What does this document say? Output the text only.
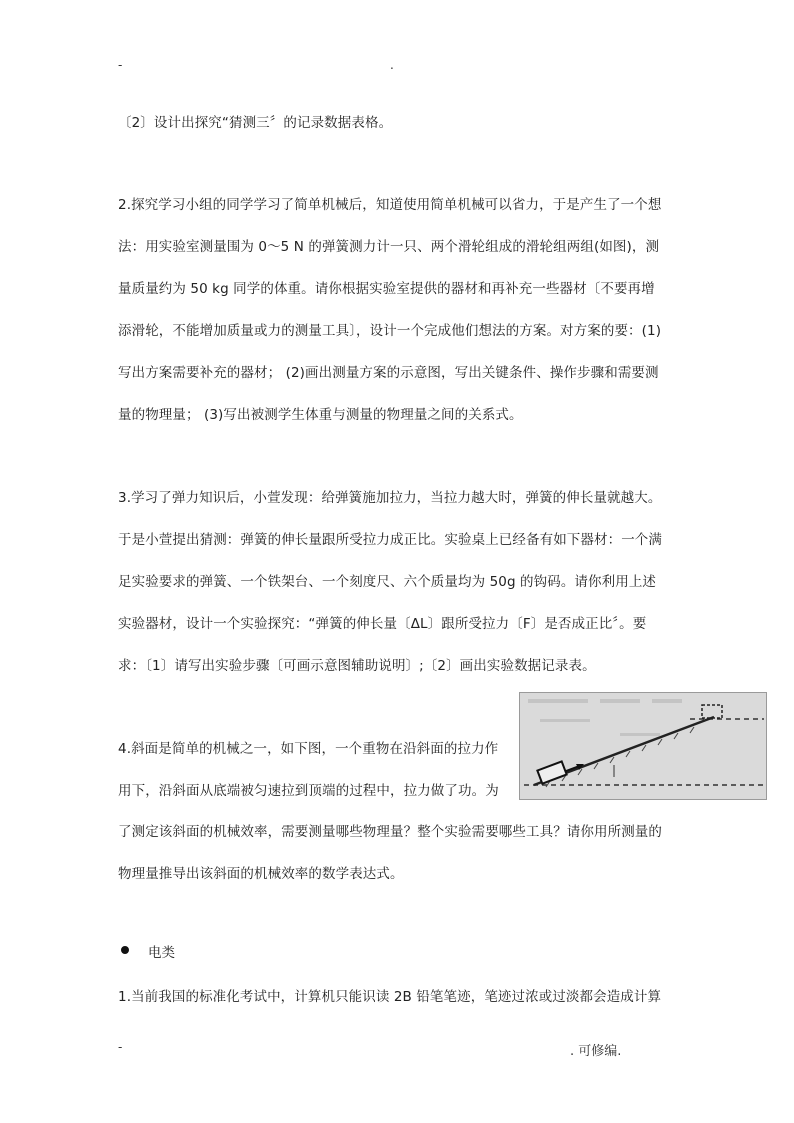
-	.
〔2〕设计出探究“猜测三〞的记录数据表格。
2.探究学习小组的同学学习了简单机械后，知道使用简单机械可以省力，于是产生了一个想
法：用实验室测量围为 0～5 N 的弹簧测力计一只、两个滑轮组成的滑轮组两组(如图)，测
量质量约为 50 kg 同学的体重。请你根据实验室提供的器材和再补充一些器材〔不要再增
添滑轮，不能增加质量或力的测量工具〕，设计一个完成他们想法的方案。对方案的要：(1)
写出方案需要补充的器材； (2)画出测量方案的示意图，写出关键条件、操作步骤和需要测
量的物理量； (3)写出被测学生体重与测量的物理量之间的关系式。
3.学习了弹力知识后，小萱发现：给弹簧施加拉力，当拉力越大时，弹簧的伸长量就越大。
于是小萱提出猜测：弹簧的伸长量跟所受拉力成正比。实验桌上已经备有如下器材：一个满
足实验要求的弹簧、一个铁架台、一个刻度尺、六个质量均为 50g 的钩码。请你利用上述
实验器材，设计一个实验探究：“弹簧的伸长量〔ΔL〕跟所受拉力〔F〕是否成正比〞。要
求：〔1〕请写出实验步骤〔可画示意图辅助说明〕;〔2〕画出实验数据记录表。
4.斜面是简单的机械之一，如下图，一个重物在沿斜面的拉力作
用下，沿斜面从底端被匀速拉到顶端的过程中，拉力做了功。为
了测定该斜面的机械效率，需要测量哪些物理量？整个实验需要哪些工具？请你用所测量的
物理量推导出该斜面的机械效率的数学表达式。
电类
1.当前我国的标准化考试中，计算机只能识读 2B 铅笔笔迹，笔迹过浓或过淡都会造成计算
-	. 可修编.
